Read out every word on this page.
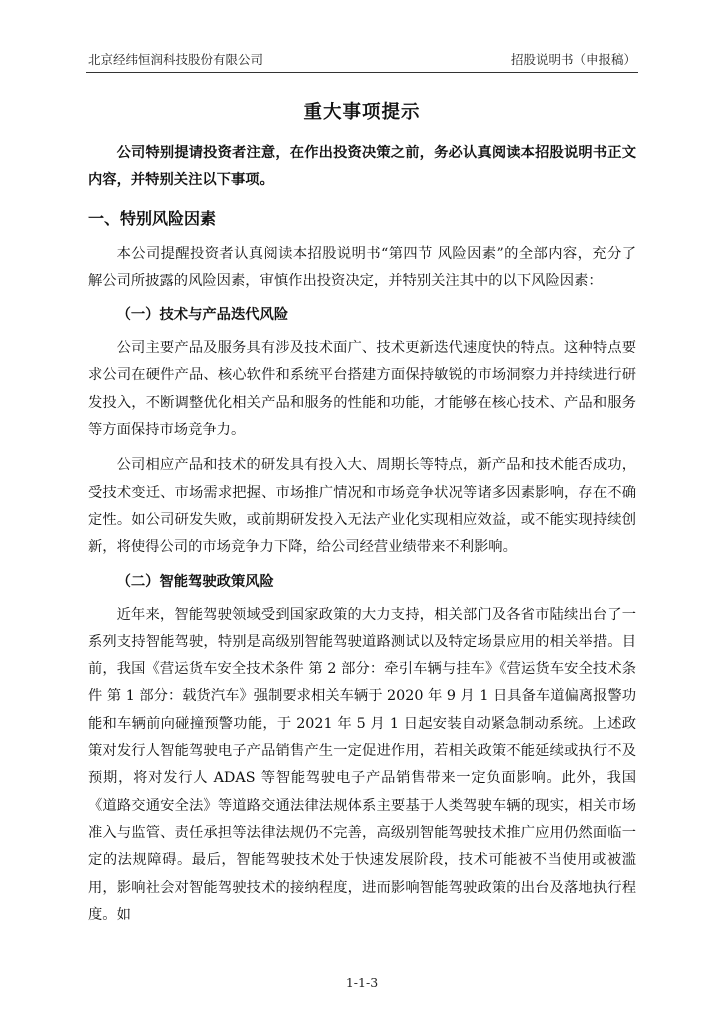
北京经纬恒润科技股份有限公司	招股说明书（申报稿）
重大事项提示

公司特别提请投资者注意，在作出投资决策之前，务必认真阅读本招股说明书正文内容，并特别关注以下事项。

一、特别风险因素

本公司提醒投资者认真阅读本招股说明书“第四节 风险因素”的全部内容，充分了解公司所披露的风险因素，审慎作出投资决定，并特别关注其中的以下风险因素：

（一）技术与产品迭代风险

公司主要产品及服务具有涉及技术面广、技术更新迭代速度快的特点。这种特点要求公司在硬件产品、核心软件和系统平台搭建方面保持敏锐的市场洞察力并持续进行研发投入，不断调整优化相关产品和服务的性能和功能，才能够在核心技术、产品和服务等方面保持市场竞争力。

公司相应产品和技术的研发具有投入大、周期长等特点，新产品和技术能否成功，受技术变迁、市场需求把握、市场推广情况和市场竞争状况等诸多因素影响，存在不确定性。如公司研发失败，或前期研发投入无法产业化实现相应效益，或不能实现持续创新，将使得公司的市场竞争力下降，给公司经营业绩带来不利影响。

（二）智能驾驶政策风险

近年来，智能驾驶领域受到国家政策的大力支持，相关部门及各省市陆续出台了一系列支持智能驾驶，特别是高级别智能驾驶道路测试以及特定场景应用的相关举措。目前，我国《营运货车安全技术条件 第 2 部分：牵引车辆与挂车》《营运货车安全技术条件 第 1 部分：载货汽车》强制要求相关车辆于 2020 年 9 月 1 日具备车道偏离报警功能和车辆前向碰撞预警功能，于 2021 年 5 月 1 日起安装自动紧急制动系统。上述政策对发行人智能驾驶电子产品销售产生一定促进作用，若相关政策不能延续或执行不及预期，将对发行人 ADAS 等智能驾驶电子产品销售带来一定负面影响。此外，我国《道路交通安全法》等道路交通法律法规体系主要基于人类驾驶车辆的现实，相关市场准入与监管、责任承担等法律法规仍不完善，高级别智能驾驶技术推广应用仍然面临一定的法规障碍。最后，智能驾驶技术处于快速发展阶段，技术可能被不当使用或被滥用，影响社会对智能驾驶技术的接纳程度，进而影响智能驾驶政策的出台及落地执行程度。如

1-1-3
